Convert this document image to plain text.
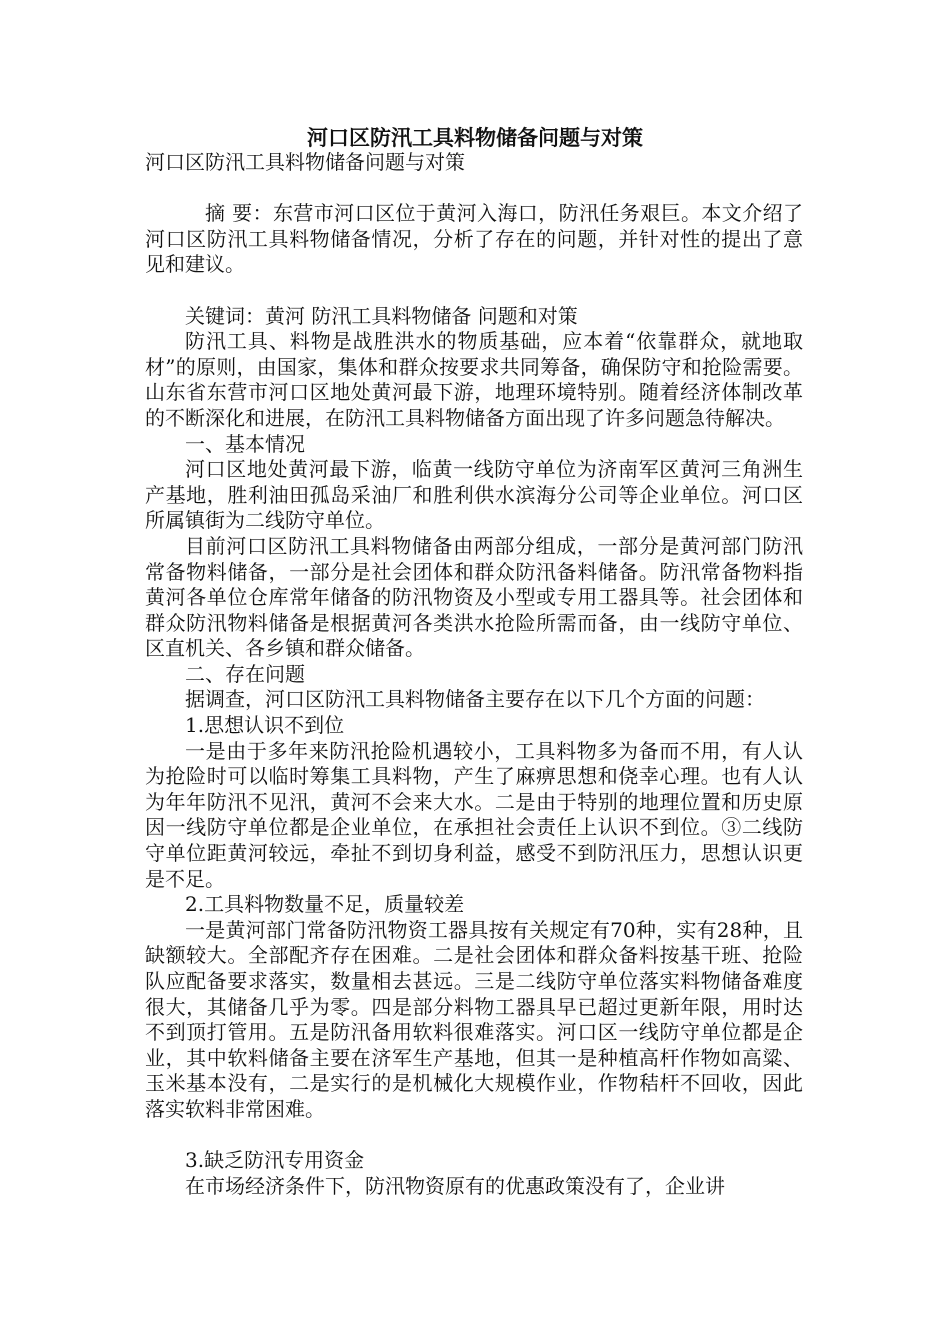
河口区防汛工具料物储备问题与对策

河口区防汛工具料物储备问题与对策

摘 要：东营市河口区位于黄河入海口，防汛任务艰巨。本文介绍了河口区防汛工具料物储备情况，分析了存在的问题，并针对性的提出了意见和建议。

关键词：黄河 防汛工具料物储备 问题和对策

防汛工具、料物是战胜洪水的物质基础，应本着“依靠群众，就地取材”的原则，由国家，集体和群众按要求共同筹备，确保防守和抢险需要。山东省东营市河口区地处黄河最下游，地理环境特别。随着经济体制改革的不断深化和进展，在防汛工具料物储备方面出现了许多问题急待解决。

一、基本情况

河口区地处黄河最下游，临黄一线防守单位为济南军区黄河三角洲生产基地，胜利油田孤岛采油厂和胜利供水滨海分公司等企业单位。河口区所属镇街为二线防守单位。

目前河口区防汛工具料物储备由两部分组成，一部分是黄河部门防汛常备物料储备，一部分是社会团体和群众防汛备料储备。防汛常备物料指黄河各单位仓库常年储备的防汛物资及小型或专用工器具等。社会团体和群众防汛物料储备是根据黄河各类洪水抢险所需而备，由一线防守单位、区直机关、各乡镇和群众储备。

二、存在问题

据调查，河口区防汛工具料物储备主要存在以下几个方面的问题：

1.思想认识不到位

一是由于多年来防汛抢险机遇较小，工具料物多为备而不用，有人认为抢险时可以临时筹集工具料物，产生了麻痹思想和侥幸心理。也有人认为年年防汛不见汛，黄河不会来大水。二是由于特别的地理位置和历史原因一线防守单位都是企业单位，在承担社会责任上认识不到位。③二线防守单位距黄河较远，牵扯不到切身利益，感受不到防汛压力，思想认识更是不足。

2.工具料物数量不足，质量较差

一是黄河部门常备防汛物资工器具按有关规定有70种，实有28种，且缺额较大。全部配齐存在困难。二是社会团体和群众备料按基干班、抢险队应配备要求落实，数量相去甚远。三是二线防守单位落实料物储备难度很大，其储备几乎为零。四是部分料物工器具早已超过更新年限，用时达不到顶打管用。五是防汛备用软料很难落实。河口区一线防守单位都是企业，其中软料储备主要在济军生产基地，但其一是种植高杆作物如高粱、玉米基本没有，二是实行的是机械化大规模作业，作物秸杆不回收，因此落实软料非常困难。

3.缺乏防汛专用资金

在市场经济条件下，防汛物资原有的优惠政策没有了，企业讲
